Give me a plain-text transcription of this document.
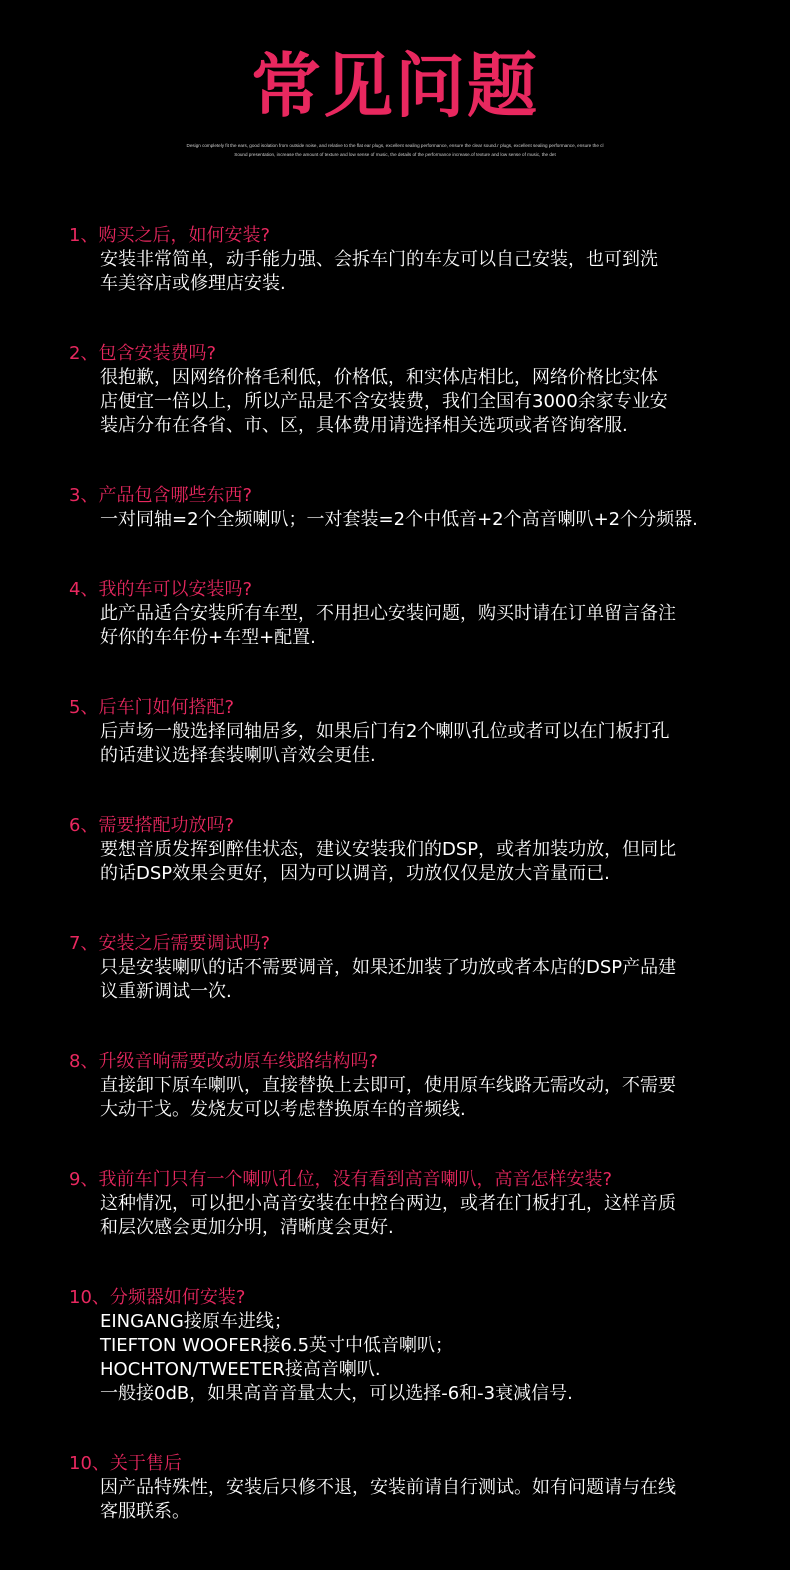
常见问题
Design completely fit the ears, good isolation from outside noise, and relative to the flat ear plugs, excellent sealing performance, ensure the clear sound.r plugs, excellent sealing performance, ensure the cl
Sound presentation, increase the amount of texture and low sense of music, the details of the performance increase.of texture and low sense of music, the det
1、购买之后，如何安装?
安装非常简单，动手能力强、会拆车门的车友可以自己安装，也可到洗
车美容店或修理店安装.
2、包含安装费吗?
很抱歉，因网络价格毛利低，价格低，和实体店相比，网络价格比实体
店便宜一倍以上，所以产品是不含安装费，我们全国有3000余家专业安
装店分布在各省、市、区，具体费用请选择相关选项或者咨询客服.
3、产品包含哪些东西?
一对同轴=2个全频喇叭；一对套装=2个中低音+2个高音喇叭+2个分频器.
4、我的车可以安装吗?
此产品适合安装所有车型，不用担心安装问题，购买时请在订单留言备注
好你的车年份+车型+配置.
5、后车门如何搭配?
后声场一般选择同轴居多，如果后门有2个喇叭孔位或者可以在门板打孔
的话建议选择套装喇叭音效会更佳.
6、需要搭配功放吗?
要想音质发挥到醉佳状态，建议安装我们的DSP，或者加装功放，但同比
的话DSP效果会更好，因为可以调音，功放仅仅是放大音量而已.
7、安装之后需要调试吗?
只是安装喇叭的话不需要调音，如果还加装了功放或者本店的DSP产品建
议重新调试一次.
8、升级音响需要改动原车线路结构吗?
直接卸下原车喇叭，直接替换上去即可，使用原车线路无需改动，不需要
大动干戈。发烧友可以考虑替换原车的音频线.
9、我前车门只有一个喇叭孔位，没有看到高音喇叭，高音怎样安装?
这种情况，可以把小高音安装在中控台两边，或者在门板打孔，这样音质
和层次感会更加分明，清晰度会更好.
10、分频器如何安装?
EINGANG接原车进线；
TIEFTON WOOFER接6.5英寸中低音喇叭；
HOCHTON/TWEETER接高音喇叭.
一般接0dB，如果高音音量太大，可以选择-6和-3衰减信号.
10、关于售后
因产品特殊性，安装后只修不退，安装前请自行测试。如有问题请与在线
客服联系。
